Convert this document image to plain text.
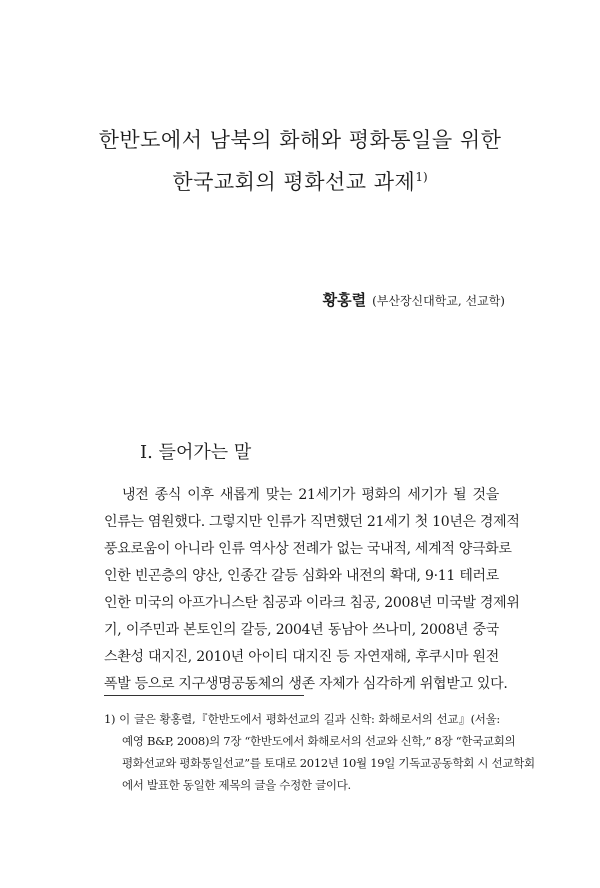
한반도에서 남북의 화해와 평화통일을 위한
한국교회의 평화선교 과제$^{1)}$
황홍렬 (부산장신대학교, 선교학)
Ⅰ. 들어가는 말
냉전 종식 이후 새롭게 맞는 21세기가 평화의 세기가 될 것을
인류는 염원했다. 그렇지만 인류가 직면했던 21세기 첫 10년은 경제적
풍요로움이 아니라 인류 역사상 전례가 없는 국내적, 세계적 양극화로
인한 빈곤층의 양산, 인종간 갈등 심화와 내전의 확대, 9·11 테러로
인한 미국의 아프가니스탄 침공과 이라크 침공, 2008년 미국발 경제위
기, 이주민과 본토인의 갈등, 2004년 동남아 쓰나미, 2008년 중국
스촨성 대지진, 2010년 아이티 대지진 등 자연재해, 후쿠시마 원전
폭발 등으로 지구생명공동체의 생존 자체가 심각하게 위협받고 있다.
1) 이 글은 황홍렬,『한반도에서 평화선교의 길과 신학: 화해로서의 선교』(서울:
예영 B&P, 2008)의 7장 “한반도에서 화해로서의 선교와 신학,” 8장 “한국교회의
평화선교와 평화통일선교”를 토대로 2012년 10월 19일 기독교공동학회 시 선교학회
에서 발표한 동일한 제목의 글을 수정한 글이다.
